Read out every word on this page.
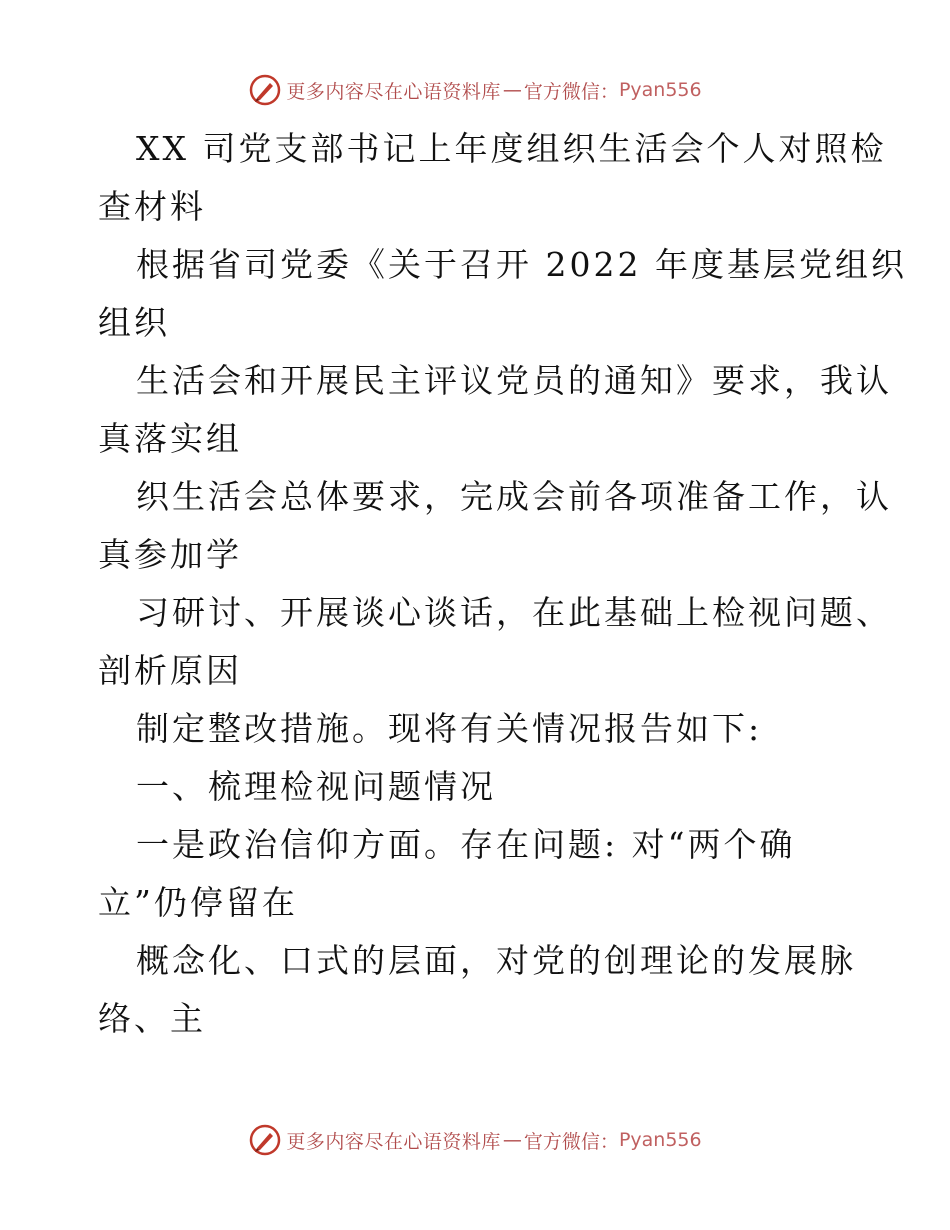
更多内容尽在心语资料库 — 官方微信： Pyan556
XX 司党支部书记上年度组织生活会个人对照检
查材料
根据省司党委《关于召开 2022 年度基层党组织
组织
生活会和开展民主评议党员的通知》要求，我认
真落实组
织生活会总体要求，完成会前各项准备工作，认
真参加学
习研讨、开展谈心谈话，在此基础上检视问题、
剖析原因
制定整改措施。现将有关情况报告如下:
一、梳理检视问题情况
一是政治信仰方面。存在问题: 对“两个确
立”仍停留在
概念化、口式的层面，对党的创理论的发展脉
络、主
更多内容尽在心语资料库 — 官方微信： Pyan556
